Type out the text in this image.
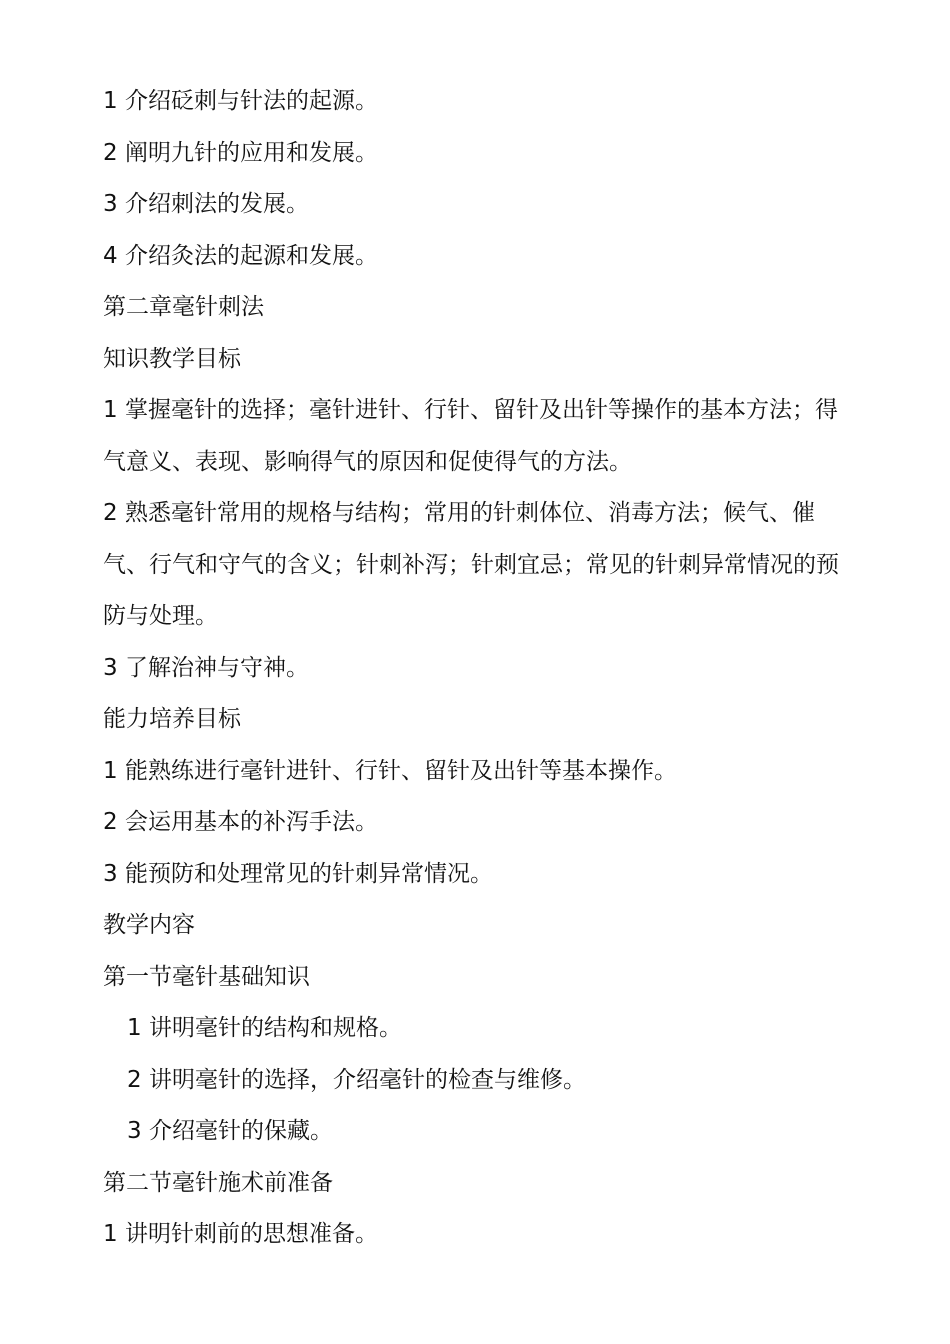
1 介绍砭刺与针法的起源。
2 阐明九针的应用和发展。
3 介绍刺法的发展。
4 介绍灸法的起源和发展。
第二章毫针刺法
知识教学目标
1 掌握毫针的选择；毫针进针、行针、留针及出针等操作的基本方法；得
气意义、表现、影响得气的原因和促使得气的方法。
2 熟悉毫针常用的规格与结构；常用的针刺体位、消毒方法；候气、催
气、行气和守气的含义；针刺补泻；针刺宜忌；常见的针刺异常情况的预
防与处理。
3 了解治神与守神。
能力培养目标
1 能熟练进行毫针进针、行针、留针及出针等基本操作。
2 会运用基本的补泻手法。
3 能预防和处理常见的针刺异常情况。
教学内容
第一节毫针基础知识
1 讲明毫针的结构和规格。
2 讲明毫针的选择，介绍毫针的检查与维修。
3 介绍毫针的保藏。
第二节毫针施术前准备
1 讲明针刺前的思想准备。
